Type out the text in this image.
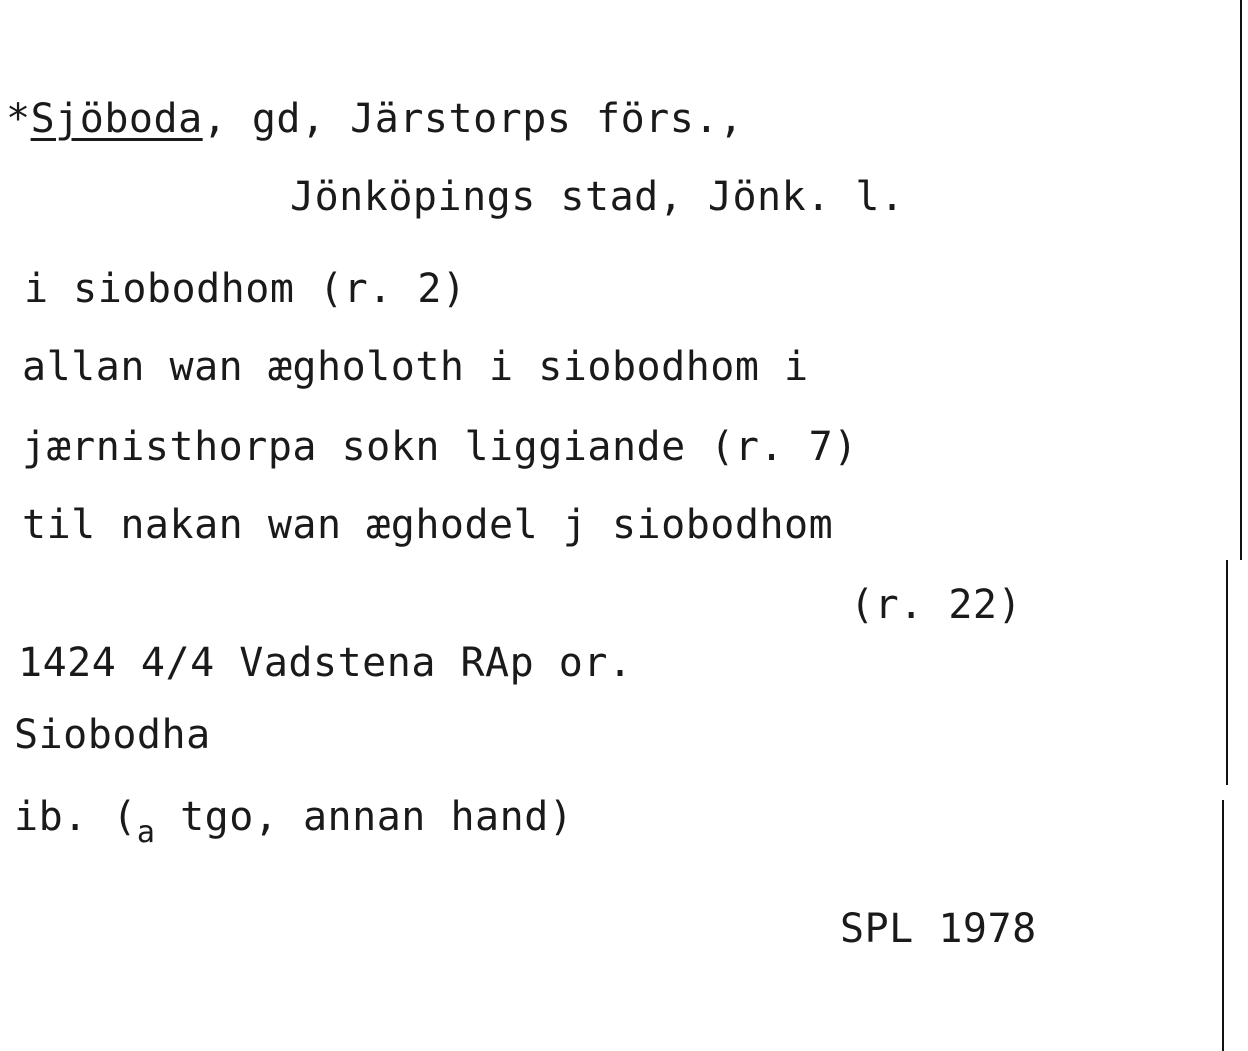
*Sjöboda, gd, Järstorps förs.,
Jönköpings stad, Jönk. l.
i siobodhom (r. 2)
allan wan ægholoth i siobodhom i
jærnisthorpa sokn liggiande (r. 7)
til nakan wan æghodel j siobodhom
(r. 22)
1424 4/4 Vadstena RAp or.
Siobodha
ib. ($_a$ tgo, annan hand)
SPL 1978
